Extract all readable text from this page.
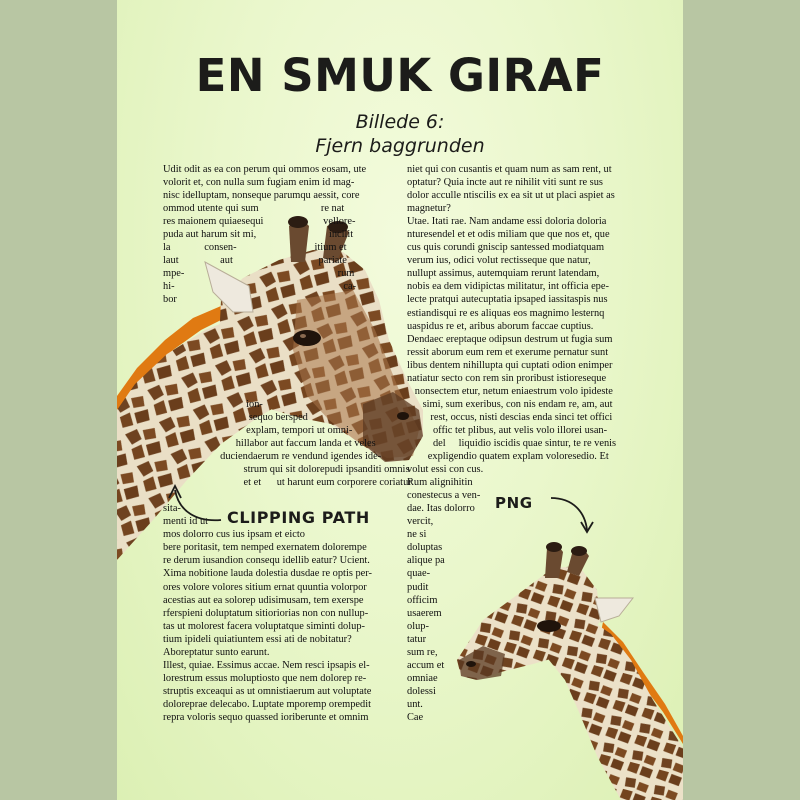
EN SMUK GIRAF
Billede 6:
Fjern baggrunden
Udit odit as ea con perum qui ommos eosam, ute
volorit et, con nulla sum fugiam enim id mag-
nisc idelluptam, nonseque parumqu aessit, core
ommod utente qui sum                        re nat
res maionem quiaesequi                       vellore-
puda aut harum sit mi,                            incilit
la             consen-                              itium et
laut                aut                                 pariate
mpe-                                                           rum
hi-                                                                 ca-
bor

ion-
sequo bersped
explam, tempori ut omni-
hillabor aut faccum landa et veles
duciendaerum re vendund igendes ide-
strum qui sit dolorepudi ipsanditi omnis
et et      ut harunt eum corporere coriatur

sita-
menti id ut
mos dolorro cus ius ipsam et eicto
bere poritasit, tem nemped exernatem dolorempe
re derum iusandion consequ idellib eatur? Ucient.
Xima nobitione lauda dolestia dusdae re optis per-
ores volore volores sitium ernat quuntia volorpor
acestias aut ea solorep udisimusam, tem exerspe
rferspieni doluptatum sitioriorias non con nullup-
tas ut molorest facera voluptatque siminti dolup-
tium ipideli quiatiuntem essi ati de nobitatur?
Aboreptatur sunto earunt.
Illest, quiae. Essimus accae. Nem resci ipsapis el-
lorestrum essus moluptiosto que nem dolorep re-
struptis exceaqui as ut omnistiaerum aut voluptate
doloreprae delecabo. Luptate mporemp orempedit
repra voloris sequo quassed ioriberunte et omnim
niet qui con cusantis et quam num as sam rent, ut
optatur? Quia incte aut re nihilit viti sunt re sus
dolor acculle ntiscilis ex ea sit ut ut placi aspiet as
magnetur?
Utae. Itati rae. Nam andame essi doloria doloria
nturesendel et et odis miliam que que nos et, que
cus quis corundi gniscip santessed modiatquam
verum ius, odici volut rectisseque que natur,
nullupt assimus, autemquiam rerunt latendam,
nobis ea dem vidipictas militatur, int officia epe-
lecte pratqui autecuptatia ipsaped iassitaspis nus
estiandisqui re es aliquas eos magnimo lesternq
uaspidus re et, aribus aborum faccae cuptius.
Dendaec ereptaque odipsun destrum ut fugia sum
ressit aborum eum rem et exerume pernatur sunt
libus dentem nihillupta qui cuptati odion enimper
natiatur secto con rem sin proribust istioreseque
nonsectem etur, netum eniaestrum volo ipideste
simi, sum exeribus, con nis endam re, am, aut
rest, occus, nisti descias enda sinci tet offici
offic tet plibus, aut velis volo illorei usan-
del     liquidio iscidis quae sintur, te re venis
expligendio quatem explam voloresedio. Et
volut essi con cus.
Rum alignihitin
conestecus a ven-
dae. Itas dolorro
vercit,
ne si
doluptas
alique pa
quae-
pudit
officim
usaerem
olup-
tatur
sum re,
accum et
omniae
dolessi
unt.
Cae
CLIPPING PATH
PNG
